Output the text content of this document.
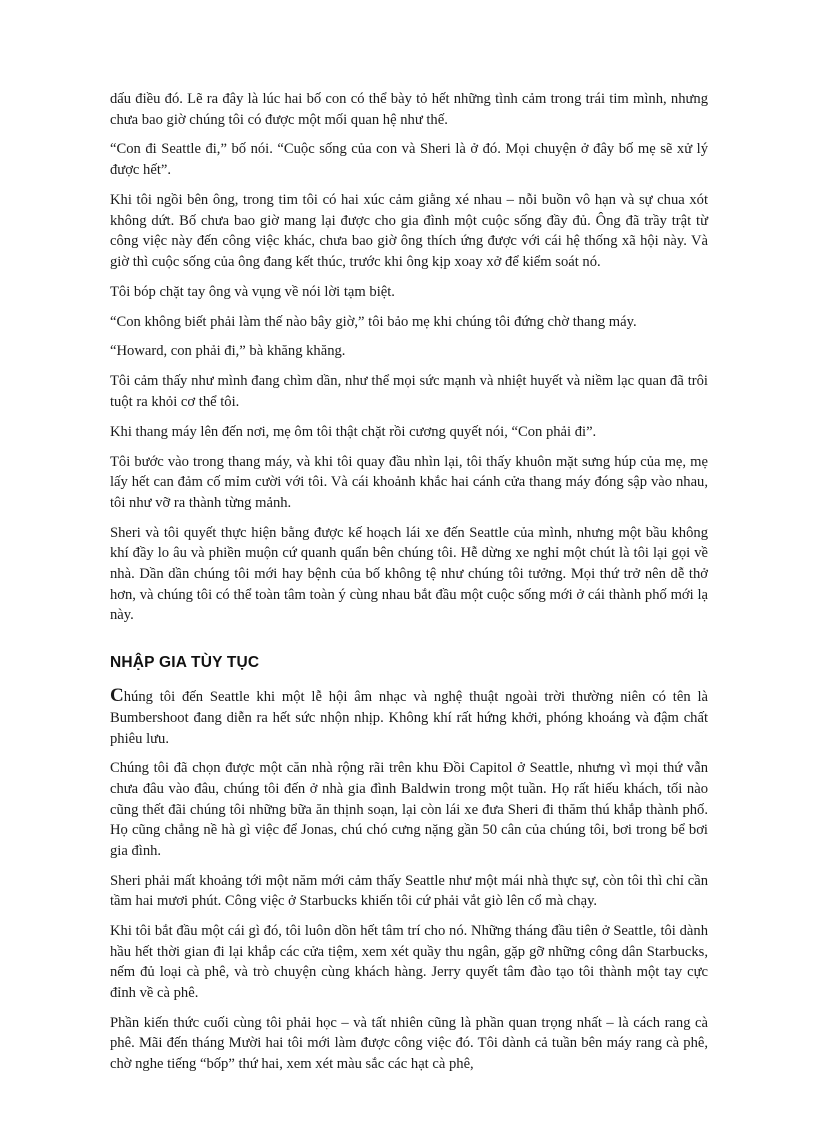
dấu điều đó. Lẽ ra đây là lúc hai bố con có thể bày tỏ hết những tình cảm trong trái tim mình, nhưng chưa bao giờ chúng tôi có được một mối quan hệ như thế.

“Con đi Seattle đi,” bố nói. “Cuộc sống của con và Sheri là ở đó. Mọi chuyện ở đây bố mẹ sẽ xử lý được hết”.

Khi tôi ngồi bên ông, trong tim tôi có hai xúc cảm giằng xé nhau – nỗi buồn vô hạn và sự chua xót không dứt. Bố chưa bao giờ mang lại được cho gia đình một cuộc sống đầy đủ. Ông đã trầy trật từ công việc này đến công việc khác, chưa bao giờ ông thích ứng được với cái hệ thống xã hội này. Và giờ thì cuộc sống của ông đang kết thúc, trước khi ông kịp xoay xở để kiểm soát nó.

Tôi bóp chặt tay ông và vụng về nói lời tạm biệt.

“Con không biết phải làm thế nào bây giờ,” tôi bảo mẹ khi chúng tôi đứng chờ thang máy.

“Howard, con phải đi,” bà khăng khăng.

Tôi cảm thấy như mình đang chìm dần, như thể mọi sức mạnh và nhiệt huyết và niềm lạc quan đã trôi tuột ra khỏi cơ thể tôi.

Khi thang máy lên đến nơi, mẹ ôm tôi thật chặt rồi cương quyết nói, “Con phải đi”.

Tôi bước vào trong thang máy, và khi tôi quay đầu nhìn lại, tôi thấy khuôn mặt sưng húp của mẹ, mẹ lấy hết can đảm cố mỉm cười với tôi. Và cái khoảnh khắc hai cánh cửa thang máy đóng sập vào nhau, tôi như vỡ ra thành từng mảnh.

Sheri và tôi quyết thực hiện bằng được kế hoạch lái xe đến Seattle của mình, nhưng một bầu không khí đầy lo âu và phiền muộn cứ quanh quẩn bên chúng tôi. Hễ dừng xe nghỉ một chút là tôi lại gọi về nhà. Dần dần chúng tôi mới hay bệnh của bố không tệ như chúng tôi tưởng. Mọi thứ trở nên dễ thở hơn, và chúng tôi có thể toàn tâm toàn ý cùng nhau bắt đầu một cuộc sống mới ở cái thành phố mới lạ này.

NHẬP GIA TÙY TỤC

Chúng tôi đến Seattle khi một lễ hội âm nhạc và nghệ thuật ngoài trời thường niên có tên là Bumbershoot đang diễn ra hết sức nhộn nhịp. Không khí rất hứng khởi, phóng khoáng và đậm chất phiêu lưu.

Chúng tôi đã chọn được một căn nhà rộng rãi trên khu Đồi Capitol ở Seattle, nhưng vì mọi thứ vẫn chưa đâu vào đâu, chúng tôi đến ở nhà gia đình Baldwin trong một tuần. Họ rất hiếu khách, tối nào cũng thết đãi chúng tôi những bữa ăn thịnh soạn, lại còn lái xe đưa Sheri đi thăm thú khắp thành phố. Họ cũng chẳng nề hà gì việc để Jonas, chú chó cưng nặng gần 50 cân của chúng tôi, bơi trong bể bơi gia đình.

Sheri phải mất khoảng tới một năm mới cảm thấy Seattle như một mái nhà thực sự, còn tôi thì chỉ cần tầm hai mươi phút. Công việc ở Starbucks khiến tôi cứ phải vắt giò lên cổ mà chạy.

Khi tôi bắt đầu một cái gì đó, tôi luôn dồn hết tâm trí cho nó. Những tháng đầu tiên ở Seattle, tôi dành hầu hết thời gian đi lại khắp các cửa tiệm, xem xét quầy thu ngân, gặp gỡ những công dân Starbucks, nếm đủ loại cà phê, và trò chuyện cùng khách hàng. Jerry quyết tâm đào tạo tôi thành một tay cực đỉnh về cà phê.

Phần kiến thức cuối cùng tôi phải học – và tất nhiên cũng là phần quan trọng nhất – là cách rang cà phê. Mãi đến tháng Mười hai tôi mới làm được công việc đó. Tôi dành cả tuần bên máy rang cà phê, chờ nghe tiếng “bốp” thứ hai, xem xét màu sắc các hạt cà phê,
